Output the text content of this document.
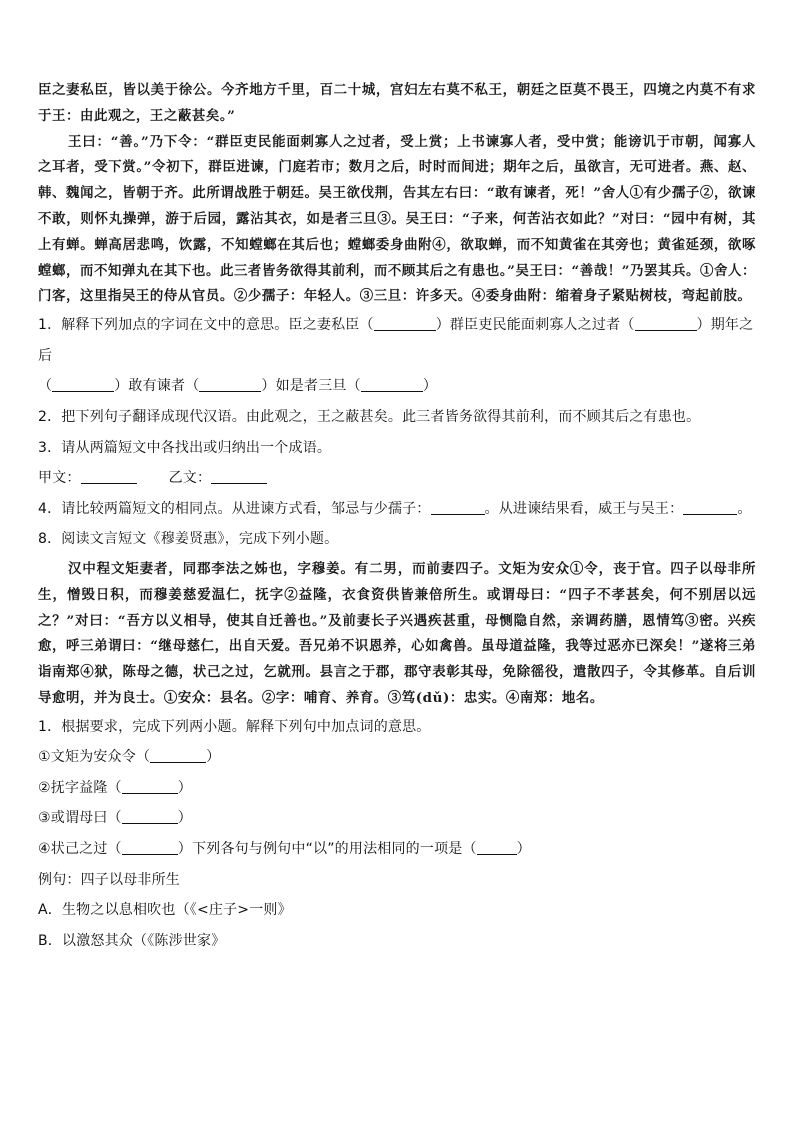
臣之妻私臣，皆以美于徐公。今齐地方千里，百二十城，宫妇左右莫不私王，朝廷之臣莫不畏王，四境之内莫不有求于王：由此观之，王之蔽甚矣。”
王曰：“善。”乃下令：“群臣吏民能面刺寡人之过者，受上赏；上书谏寡人者，受中赏；能谤讥于市朝，闻寡人之耳者，受下赏。”令初下，群臣进谏，门庭若市；数月之后，时时而间进；期年之后，虽欲言，无可进者。燕、赵、韩、魏闻之，皆朝于齐。此所谓战胜于朝廷。吴王欲伐荆，告其左右曰：“敢有谏者，死！”舍人①有少孺子②，欲谏不敢，则怀丸操弹，游于后园，露沾其衣，如是者三旦③。吴王曰：“子来，何苦沾衣如此？”对曰：“园中有树，其上有蝉。蝉高居悲鸣，饮露，不知螳螂在其后也；螳螂委身曲附④，欲取蝉，而不知黄雀在其旁也；黄雀延颈，欲啄螳螂，而不知弹丸在其下也。此三者皆务欲得其前利，而不顾其后之有患也。”吴王曰：“善哉！”乃罢其兵。①舍人：门客，这里指吴王的侍从官员。②少孺子：年轻人。③三旦：许多天。④委身曲附：缩着身子紧贴树枝，弯起前肢。
1．解释下列加点的字词在文中的意思。臣之妻私臣（	）群臣吏民能面刺寡人之过者（	）期年之后
（	）敢有谏者（	）如是者三旦（	）
2．把下列句子翻译成现代汉语。由此观之，王之蔽甚矣。此三者皆务欲得其前利，而不顾其后之有患也。
3．请从两篇短文中各找出或归纳出一个成语。
甲文：	乙文：
4．请比较两篇短文的相同点。从进谏方式看，邹忌与少孺子：	。从进谏结果看，威王与吴王：	。
8．阅读文言短文《穆姜贤惠》，完成下列小题。
汉中程文矩妻者，同郡李法之姊也，字穆姜。有二男，而前妻四子。文矩为安众①令，丧于官。四子以母非所生，憎毁日积，而穆姜慈爱温仁，抚字②益隆，衣食资供皆兼倍所生。或谓母曰：“四子不孝甚矣，何不别居以远之？”对曰：“吾方以义相导，使其自迁善也。”及前妻长子兴遇疾甚重，母恻隐自然，亲调药膳，恩情笃③密。兴疾愈，呼三弟谓曰：“继母慈仁，出自天爱。吾兄弟不识恩养，心如禽兽。虽母道益隆，我等过恶亦已深矣！”遂将三弟诣南郑④狱，陈母之德，状己之过，乞就刑。县言之于郡，郡守表彰其母，免除徭役，遣散四子，令其修革。自后训导愈明，并为良士。①安众：县名。②字：哺育、养育。③笃(dǔ)：忠实。④南郑：地名。
1．根据要求，完成下列两小题。解释下列句中加点词的意思。
①文矩为安众令（	）
②抚字益隆（	）
③或谓母曰（	）
④状己之过（	）下列各句与例句中“以”的用法相同的一项是（	）
例句：四子以母非所生
A．生物之以息相吹也（《<庄子>一则》
B．以激怒其众（《陈涉世家》
